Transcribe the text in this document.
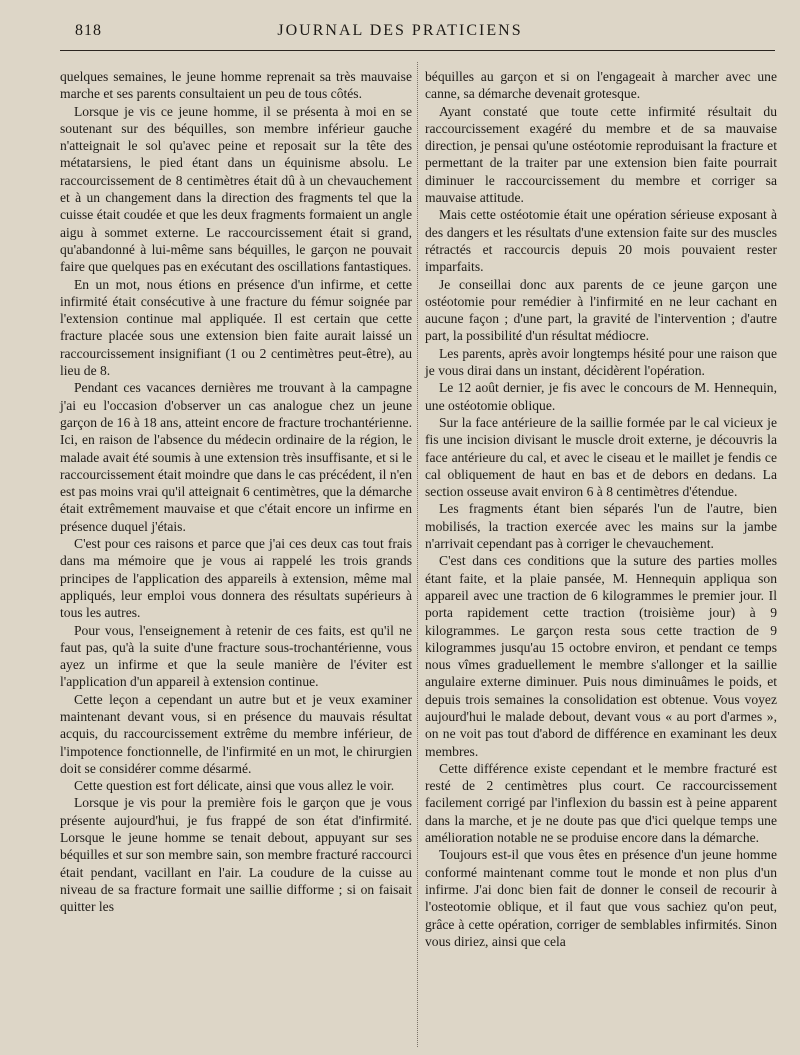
818	JOURNAL DES PRATICIENS

quelques semaines, le jeune homme reprenait sa très mauvaise marche et ses parents consultaient un peu de tous côtés.

Lorsque je vis ce jeune homme, il se présenta à moi en se soutenant sur des béquilles, son membre inférieur gauche n'atteignait le sol qu'avec peine et reposait sur la tête des métatarsiens, le pied étant dans un équinisme absolu. Le raccourcissement de 8 centimètres était dû à un chevauchement et à un changement dans la direction des fragments tel que la cuisse était coudée et que les deux fragments formaient un angle aigu à sommet externe. Le raccourcissement était si grand, qu'abandonné à lui-même sans béquilles, le garçon ne pouvait faire que quelques pas en exécutant des oscillations fantastiques.

En un mot, nous étions en présence d'un infirme, et cette infirmité était consécutive à une fracture du fémur soignée par l'extension continue mal appliquée. Il est certain que cette fracture placée sous une extension bien faite aurait laissé un raccourcissement insignifiant (1 ou 2 centimètres peut-être), au lieu de 8.

Pendant ces vacances dernières me trouvant à la campagne j'ai eu l'occasion d'observer un cas analogue chez un jeune garçon de 16 à 18 ans, atteint encore de fracture trochantérienne. Ici, en raison de l'absence du médecin ordinaire de la région, le malade avait été soumis à une extension très insuffisante, et si le raccourcissement était moindre que dans le cas précédent, il n'en est pas moins vrai qu'il atteignait 6 centimètres, que la démarche était extrêmement mauvaise et que c'était encore un infirme en présence duquel j'étais.

C'est pour ces raisons et parce que j'ai ces deux cas tout frais dans ma mémoire que je vous ai rappelé les trois grands principes de l'application des appareils à extension, même mal appliqués, leur emploi vous donnera des résultats supérieurs à tous les autres.

Pour vous, l'enseignement à retenir de ces faits, est qu'il ne faut pas, qu'à la suite d'une fracture sous-trochantérienne, vous ayez un infirme et que la seule manière de l'éviter est l'application d'un appareil à extension continue.

Cette leçon a cependant un autre but et je veux examiner maintenant devant vous, si en présence du mauvais résultat acquis, du raccourcissement extrême du membre inférieur, de l'impotence fonctionnelle, de l'infirmité en un mot, le chirurgien doit se considérer comme désarmé.

Cette question est fort délicate, ainsi que vous allez le voir.

Lorsque je vis pour la première fois le garçon que je vous présente aujourd'hui, je fus frappé de son état d'infirmité. Lorsque le jeune homme se tenait debout, appuyant sur ses béquilles et sur son membre sain, son membre fracturé raccourci était pendant, vacillant en l'air. La coudure de la cuisse au niveau de sa fracture formait une saillie difforme ; si on faisait quitter les

béquilles au garçon et si on l'engageait à marcher avec une canne, sa démarche devenait grotesque.

Ayant constaté que toute cette infirmité résultait du raccourcissement exagéré du membre et de sa mauvaise direction, je pensai qu'une ostéotomie reproduisant la fracture et permettant de la traiter par une extension bien faite pourrait diminuer le raccourcissement du membre et corriger sa mauvaise attitude.

Mais cette ostéotomie était une opération sérieuse exposant à des dangers et les résultats d'une extension faite sur des muscles rétractés et raccourcis depuis 20 mois pouvaient rester imparfaits.

Je conseillai donc aux parents de ce jeune garçon une ostéotomie pour remédier à l'infirmité en ne leur cachant en aucune façon ; d'une part, la gravité de l'intervention ; d'autre part, la possibilité d'un résultat médiocre.

Les parents, après avoir longtemps hésité pour une raison que je vous dirai dans un instant, décidèrent l'opération.

Le 12 août dernier, je fis avec le concours de M. Hennequin, une ostéotomie oblique.

Sur la face antérieure de la saillie formée par le cal vicieux je fis une incision divisant le muscle droit externe, je découvris la face antérieure du cal, et avec le ciseau et le maillet je fendis ce cal obliquement de haut en bas et de debors en dedans. La section osseuse avait environ 6 à 8 centimètres d'étendue.

Les fragments étant bien séparés l'un de l'autre, bien mobilisés, la traction exercée avec les mains sur la jambe n'arrivait cependant pas à corriger le chevauchement.

C'est dans ces conditions que la suture des parties molles étant faite, et la plaie pansée, M. Hennequin appliqua son appareil avec une traction de 6 kilogrammes le premier jour. Il porta rapidement cette traction (troisième jour) à 9 kilogrammes. Le garçon resta sous cette traction de 9 kilogrammes jusqu'au 15 octobre environ, et pendant ce temps nous vîmes graduellement le membre s'allonger et la saillie angulaire externe diminuer. Puis nous diminuâmes le poids, et depuis trois semaines la consolidation est obtenue. Vous voyez aujourd'hui le malade debout, devant vous « au port d'armes », on ne voit pas tout d'abord de différence en examinant les deux membres.

Cette différence existe cependant et le membre fracturé est resté de 2 centimètres plus court. Ce raccourcissement facilement corrigé par l'inflexion du bassin est à peine apparent dans la marche, et je ne doute pas que d'ici quelque temps une amélioration notable ne se produise encore dans la démarche.

Toujours est-il que vous êtes en présence d'un jeune homme conformé maintenant comme tout le monde et non plus d'un infirme. J'ai donc bien fait de donner le conseil de recourir à l'osteotomie oblique, et il faut que vous sachiez qu'on peut, grâce à cette opération, corriger de semblables infirmités. Sinon vous diriez, ainsi que cela
